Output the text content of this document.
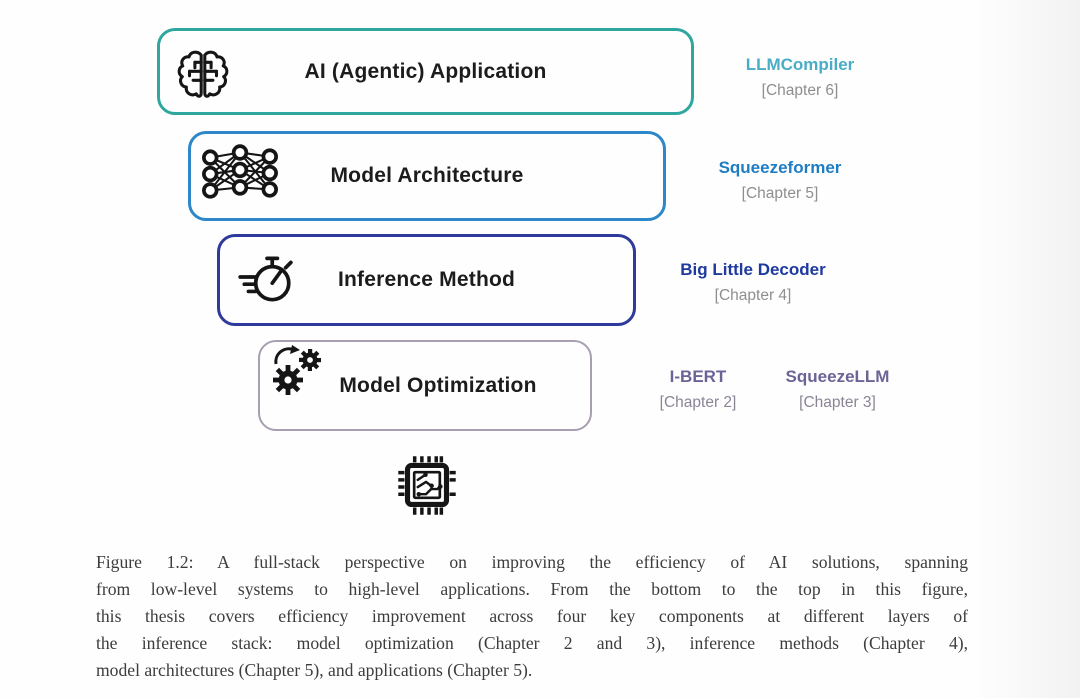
AI (Agentic) Application	LLMCompiler
[Chapter 6]
Model Architecture	Squeezeformer
[Chapter 5]
Inference Method	Big Little Decoder
[Chapter 4]
Model Optimization	I-BERT
[Chapter 2]
SqueezeLLM
[Chapter 3]
Figure 1.2: A full-stack perspective on improving the efficiency of AI solutions, spanning
from low-level systems to high-level applications. From the bottom to the top in this figure,
this thesis covers efficiency improvement across four key components at different layers of
the inference stack: model optimization (Chapter 2 and 3), inference methods (Chapter 4),
model architectures (Chapter 5), and applications (Chapter 5).
